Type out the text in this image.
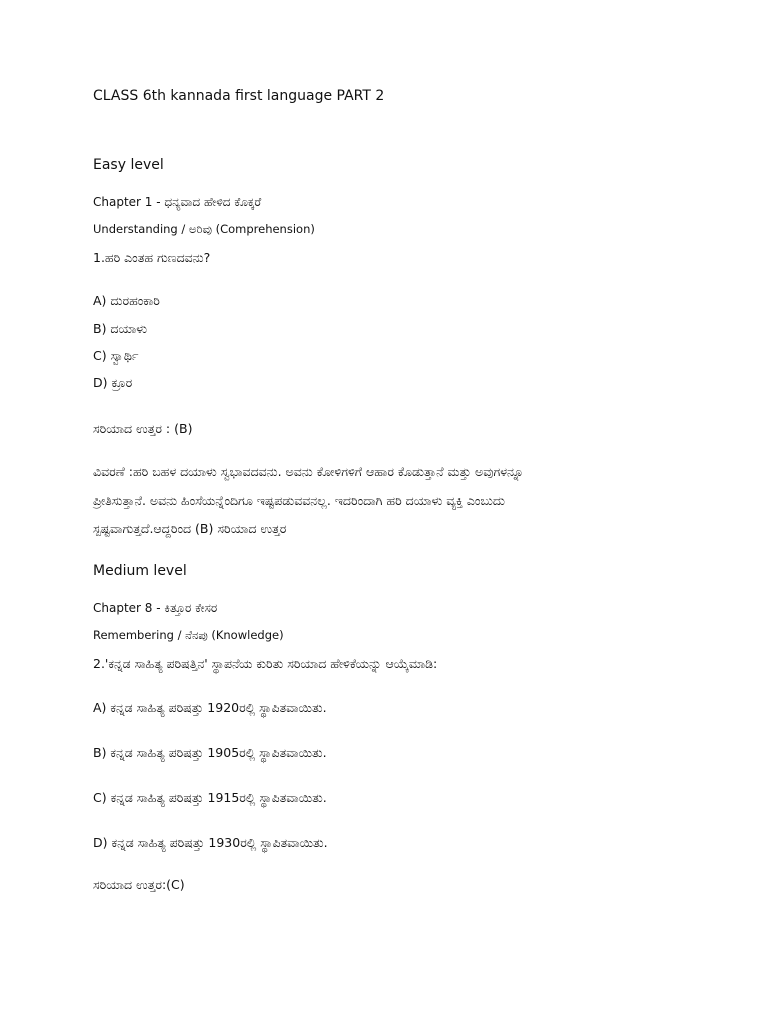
CLASS 6th kannada first language PART 2
Easy level
Chapter 1 - ಧನ್ಯವಾದ ಹೇಳಿದ ಕೊಕ್ಕರೆ
Understanding / ಅರಿವು (Comprehension)
1.ಹರಿ ಎಂತಹ ಗುಣದವನು?
A) ದುರಹಂಕಾರಿ
B) ದಯಾಳು
C) ಸ್ವಾರ್ಥಿ
D) ಕ್ರೂರ
ಸರಿಯಾದ ಉತ್ತರ : (B)
ವಿವರಣೆ :ಹರಿ ಬಹಳ ದಯಾಳು ಸ್ವಭಾವದವನು. ಅವನು ಕೋಳಿಗಳಿಗೆ ಆಹಾರ ಕೊಡುತ್ತಾನೆ ಮತ್ತು ಅವುಗಳನ್ನೂ
ಪ್ರೀತಿಸುತ್ತಾನೆ. ಅವನು ಹಿಂಸೆಯನ್ನೆಂದಿಗೂ ಇಷ್ಟಪಡುವವನಲ್ಲ. ಇದರಿಂದಾಗಿ ಹರಿ ದಯಾಳು ವ್ಯಕ್ತಿ ಎಂಬುದು
ಸ್ಪಷ್ಟವಾಗುತ್ತದೆ.ಆದ್ದರಿಂದ (B) ಸರಿಯಾದ ಉತ್ತರ
Medium level
Chapter 8 - ಕಿತ್ತೂರ ಕೇಸರ
Remembering / ನೆನಪು (Knowledge)
2.'ಕನ್ನಡ ಸಾಹಿತ್ಯ ಪರಿಷತ್ತಿನ' ಸ್ಥಾಪನೆಯ ಕುರಿತು ಸರಿಯಾದ ಹೇಳಿಕೆಯನ್ನು ಆಯ್ಕೆಮಾಡಿ:
A) ಕನ್ನಡ ಸಾಹಿತ್ಯ ಪರಿಷತ್ತು 1920ರಲ್ಲಿ ಸ್ಥಾಪಿತವಾಯಿತು.
B) ಕನ್ನಡ ಸಾಹಿತ್ಯ ಪರಿಷತ್ತು 1905ರಲ್ಲಿ ಸ್ಥಾಪಿತವಾಯಿತು.
C) ಕನ್ನಡ ಸಾಹಿತ್ಯ ಪರಿಷತ್ತು 1915ರಲ್ಲಿ ಸ್ಥಾಪಿತವಾಯಿತು.
D) ಕನ್ನಡ ಸಾಹಿತ್ಯ ಪರಿಷತ್ತು 1930ರಲ್ಲಿ ಸ್ಥಾಪಿತವಾಯಿತು.
ಸರಿಯಾದ ಉತ್ತರ:(C)
